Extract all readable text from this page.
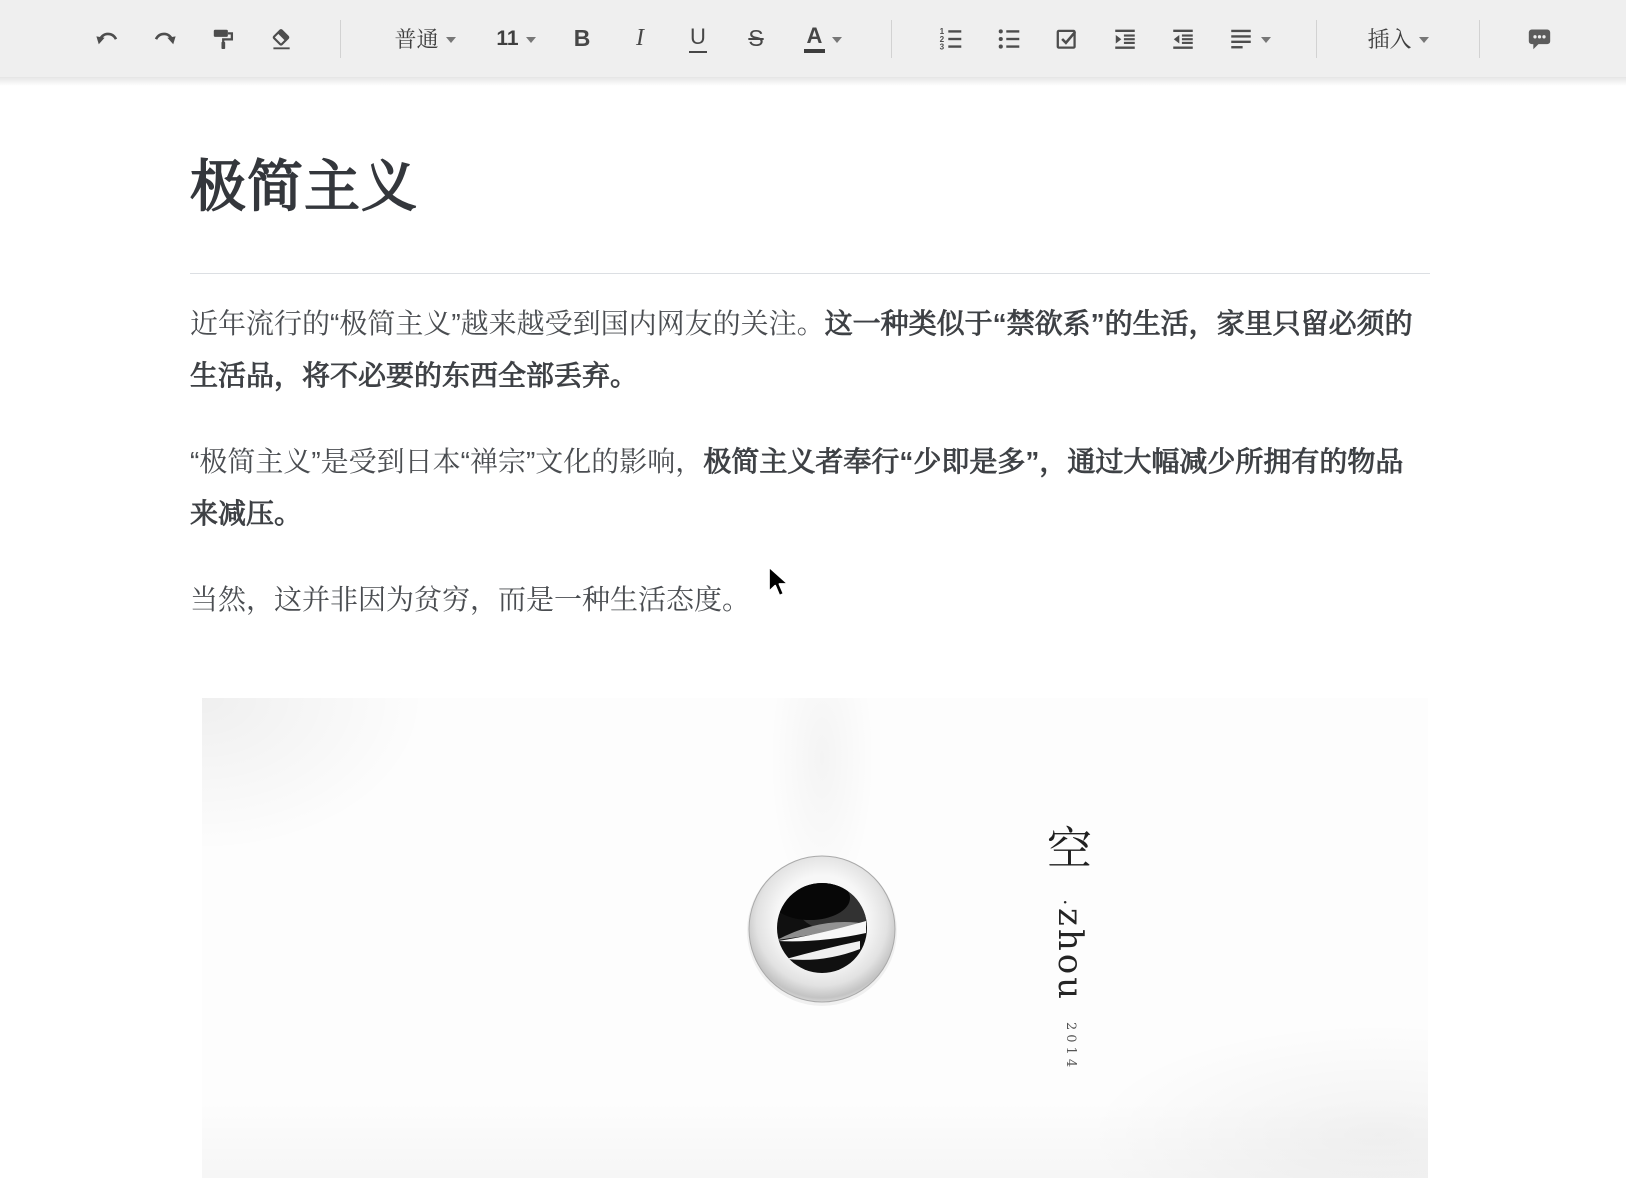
普通	11 B I U S A	1
2
3	插入
极简主义

近年流行的“极简主义”越来越受到国内网友的关注。这一种类似于“禁欲系”的生活，家里只留必须的生活品，将不必要的东西全部丢弃。

“极简主义”是受到日本“禅宗”文化的影响，极简主义者奉行“少即是多”，通过大幅减少所拥有的物品来减压。

当然，这并非因为贫穷，而是一种生活态度。

空
·
zhou
2014
